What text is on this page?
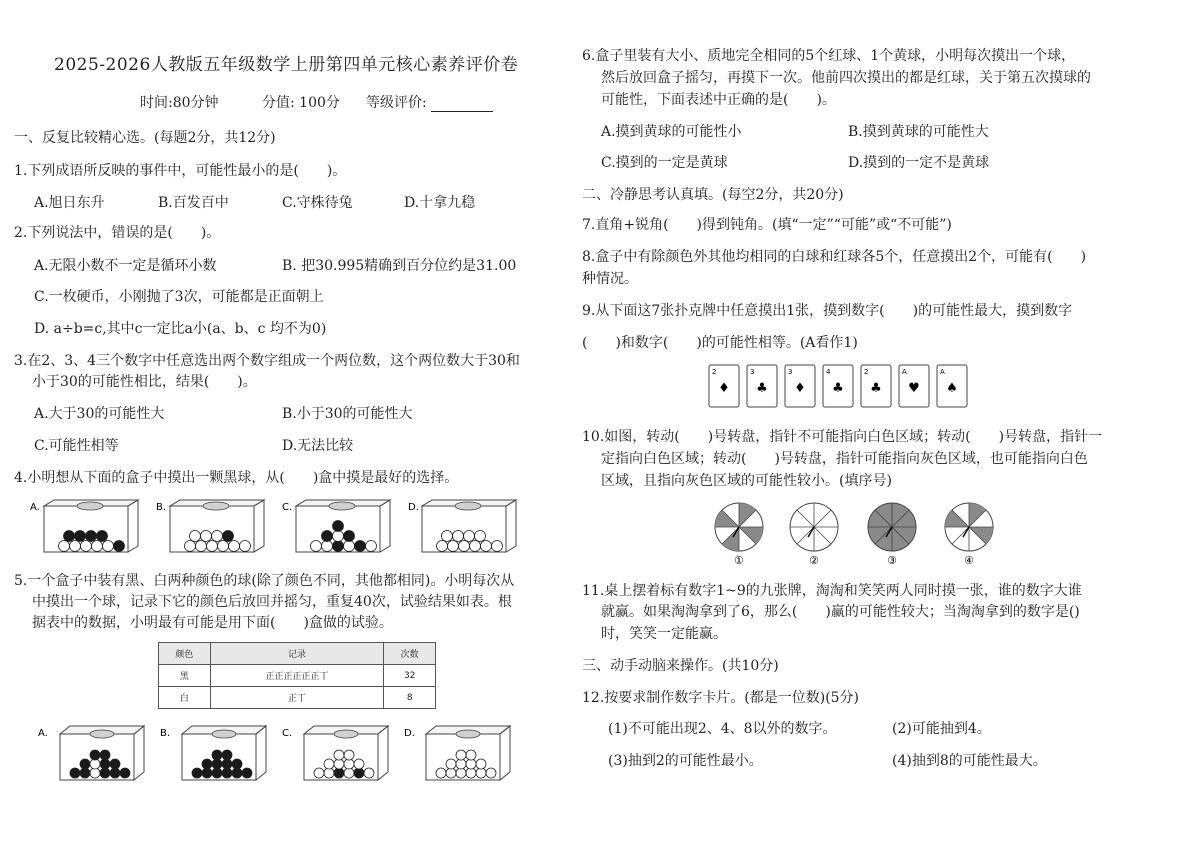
2025-2026人教版五年级数学上册第四单元核心素养评价卷
时间:80分钟	分值: 100分 等级评价:
一、反复比较精心选。(每题2分，共12分)
1.下列成语所反映的事件中，可能性最小的是(　　)。
A.旭日东升	B.百发百中	C.守株待兔	D.十拿九稳
2.下列说法中，错误的是(　　)。
A.无限小数不一定是循环小数	B. 把30.995精确到百分位约是31.00
C.一枚硬币，小刚抛了3次，可能都是正面朝上
D. a÷b=c,其中c一定比a小(a、b、c 均不为0)
3.在2、3、4三个数字中任意选出两个数字组成一个两位数，这个两位数大于30和
小于30的可能性相比，结果(　　)。
A.大于30的可能性大	B.小于30的可能性大
C.可能性相等	D.无法比较
4.小明想从下面的盒子中摸出一颗黑球，从(　　)盒中摸是最好的选择。
A.	B.	C.	D.
5.一个盒子中装有黑、白两种颜色的球(除了颜色不同，其他都相同)。小明每次从
中摸出一个球，记录下它的颜色后放回并摇匀，重复40次，试验结果如表。根
据表中的数据，小明最有可能是用下面(　　)盒做的试验。
颜色	记录	次数
黑	正正正正正正丅	32
白	正丅	8
A.	B.	C.	D.
6.盒子里装有大小、质地完全相同的5个红球、1个黄球，小明每次摸出一个球，
然后放回盒子摇匀，再摸下一次。他前四次摸出的都是红球，关于第五次摸球的
可能性，下面表述中正确的是(　　)。
A.摸到黄球的可能性小	B.摸到黄球的可能性大
C.摸到的一定是黄球	D.摸到的一定不是黄球
二、冷静思考认真填。(每空2分，共20分)
7.直角+锐角(　　)得到钝角。(填“一定”“可能”或“不可能”)
8.盒子中有除颜色外其他均相同的白球和红球各5个，任意摸出2个，可能有(　　)
种情况。
9.从下面这7张扑克牌中任意摸出1张，摸到数字(　　)的可能性最大，摸到数字
(　　)和数字(　　)的可能性相等。(A看作1)
2
♦
3
♣
3
♦
4
♣
2
♣
A
♥
A
♠
10.如图，转动(　　)号转盘，指针不可能指向白色区域；转动(　　)号转盘，指针一
定指向白色区域；转动(　　)号转盘，指针可能指向灰色区域，也可能指向白色
区域，且指向灰色区域的可能性较小。(填序号)
①	②	③	④
11.桌上摆着标有数字1~9的九张牌，淘淘和笑笑两人同时摸一张，谁的数字大谁
就赢。如果淘淘拿到了6，那么(　　)赢的可能性较大；当淘淘拿到的数字是()
时，笑笑一定能赢。
三、动手动脑来操作。(共10分)
12.按要求制作数字卡片。(都是一位数)(5分)
(1)不可能出现2、4、8以外的数字。	(2)可能抽到4。
(3)抽到2的可能性最小。	(4)抽到8的可能性最大。
